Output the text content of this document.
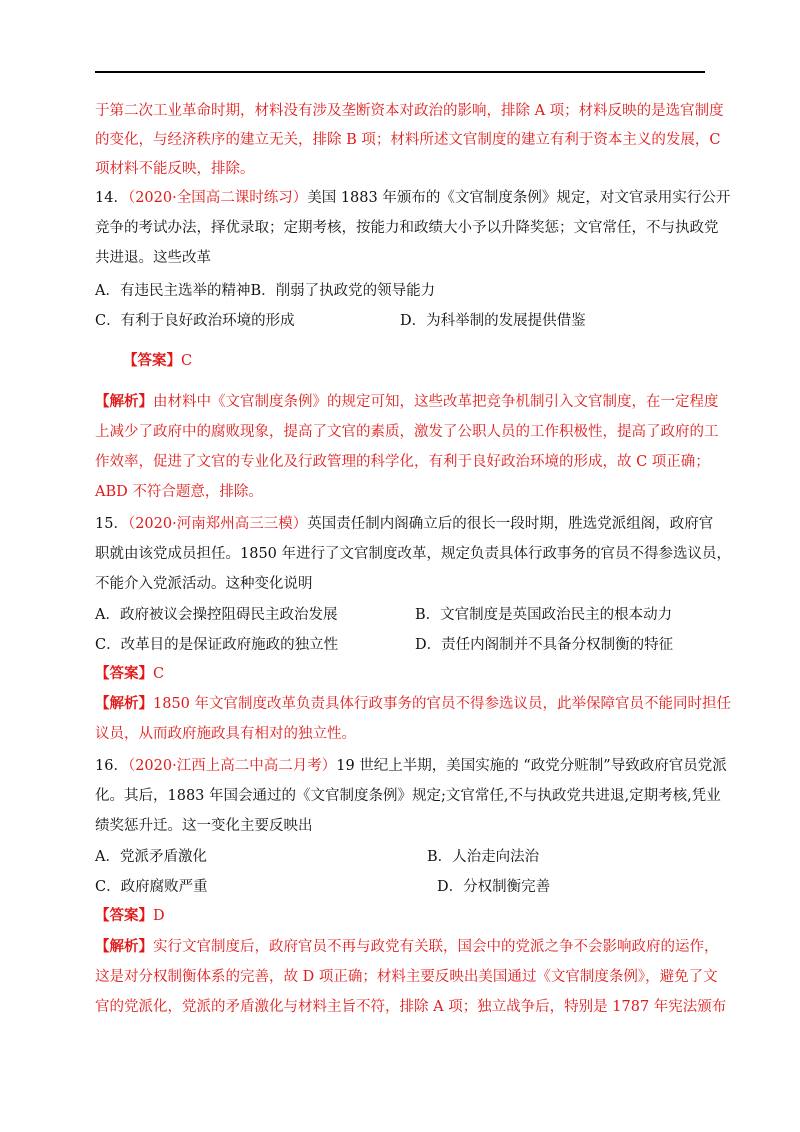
于第二次工业革命时期，材料没有涉及垄断资本对政治的影响，排除 A 项；材料反映的是选官制度
的变化，与经济秩序的建立无关，排除 B 项；材料所述文官制度的建立有利于资本主义的发展，C
项材料不能反映，排除。
14．（2020·全国高二课时练习）美国 1883 年颁布的《文官制度条例》规定，对文官录用实行公开
竞争的考试办法，择优录取；定期考核，按能力和政绩大小予以升降奖惩；文官常任，不与执政党
共进退。这些改革
A．有违民主选举的精神B．削弱了执政党的领导能力
C．有利于良好政治环境的形成	D．为科举制的发展提供借鉴
【答案】C
【解析】由材料中《文官制度条例》的规定可知，这些改革把竞争机制引入文官制度，在一定程度
上减少了政府中的腐败现象，提高了文官的素质，激发了公职人员的工作积极性，提高了政府的工
作效率，促进了文官的专业化及行政管理的科学化，有利于良好政治环境的形成，故 C 项正确；
ABD 不符合题意，排除。
15．（2020·河南郑州高三三模）英国责任制内阁确立后的很长一段时期，胜选党派组阁，政府官
职就由该党成员担任。1850 年进行了文官制度改革，规定负责具体行政事务的官员不得参选议员，
不能介入党派活动。这种变化说明
A．政府被议会操控阻碍民主政治发展	B．文官制度是英国政治民主的根本动力
C．改革目的是保证政府施政的独立性	D．责任内阁制并不具备分权制衡的特征
【答案】C
【解析】1850 年文官制度改革负责具体行政事务的官员不得参选议员，此举保障官员不能同时担任
议员，从而政府施政具有相对的独立性。
16．（2020·江西上高二中高二月考）19 世纪上半期，美国实施的 “政党分赃制”导致政府官员党派
化。其后，1883 年国会通过的《文官制度条例》规定;文官常任,不与执政党共进退,定期考核,凭业
绩奖惩升迁。这一变化主要反映出
A．党派矛盾激化	B．人治走向法治
C．政府腐败严重	D．分权制衡完善
【答案】D
【解析】实行文官制度后，政府官员不再与政党有关联，国会中的党派之争不会影响政府的运作，
这是对分权制衡体系的完善，故 D 项正确；材料主要反映出美国通过《文官制度条例》，避免了文
官的党派化，党派的矛盾激化与材料主旨不符，排除 A 项；独立战争后，特别是 1787 年宪法颁布
